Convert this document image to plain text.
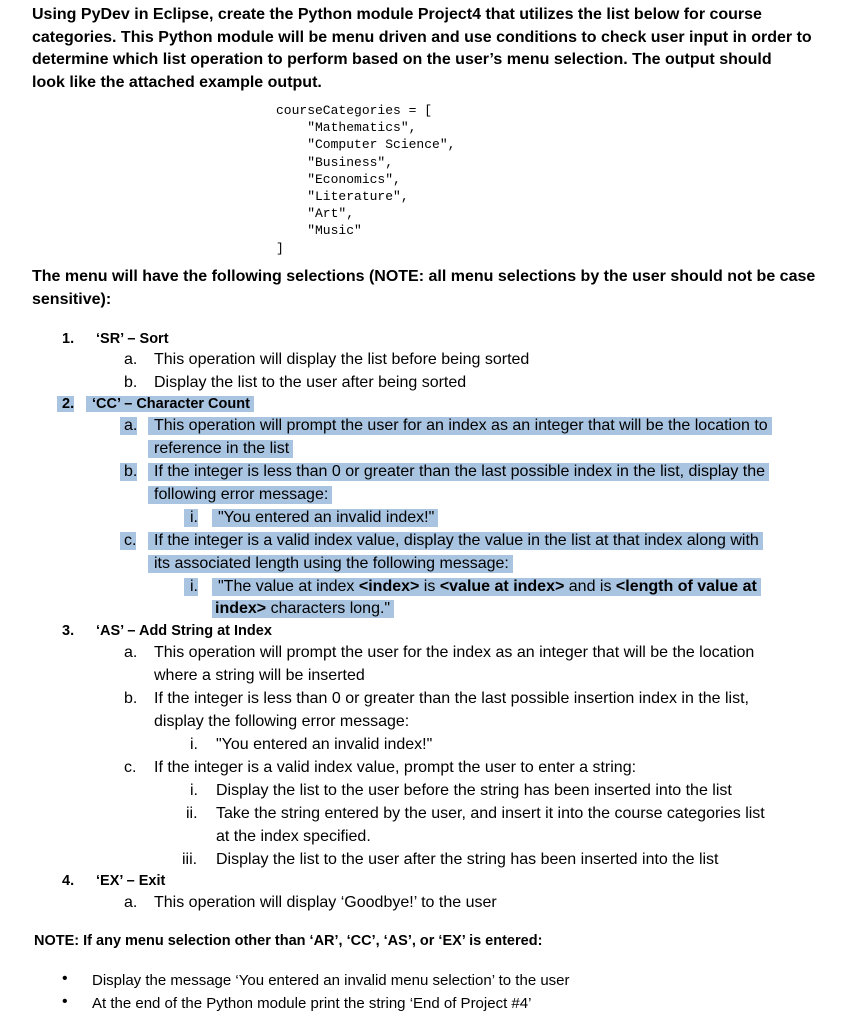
Using PyDev in Eclipse, create the Python module Project4 that utilizes the list below for course
categories. This Python module will be menu driven and use conditions to check user input in order to
determine which list operation to perform based on the user’s menu selection. The output should
look like the attached example output.
courseCategories = [
"Mathematics",
"Computer Science",
"Business",
"Economics",
"Literature",
"Art",
"Music"
]
The menu will have the following selections (NOTE: all menu selections by the user should not be case
sensitive):
1. ‘SR’ – Sort
a. This operation will display the list before being sorted
b. Display the list to the user after being sorted
2.	‘CC’ – Character Count
a.	This operation will prompt the user for an index as an integer that will be the location to
reference in the list
b.	If the integer is less than 0 or greater than the last possible index in the list, display the
following error message:
i.	"You entered an invalid index!"
c.	If the integer is a valid index value, display the value in the list at that index along with
its associated length using the following message:
i.	"The value at index <index> is <value at index> and is <length of value at
index> characters long."
3. ‘AS’ – Add String at Index
a. This operation will prompt the user for the index as an integer that will be the location
where a string will be inserted
b. If the integer is less than 0 or greater than the last possible insertion index in the list,
display the following error message:
i. "You entered an invalid index!"
c. If the integer is a valid index value, prompt the user to enter a string:
i. Display the list to the user before the string has been inserted into the list
ii. Take the string entered by the user, and insert it into the course categories list
at the index specified.
iii. Display the list to the user after the string has been inserted into the list
4. ‘EX’ – Exit
a. This operation will display ‘Goodbye!’ to the user
NOTE: If any menu selection other than ‘AR’, ‘CC’, ‘AS’, or ‘EX’ is entered:
• Display the message ‘You entered an invalid menu selection’ to the user
• At the end of the Python module print the string ‘End of Project #4’
